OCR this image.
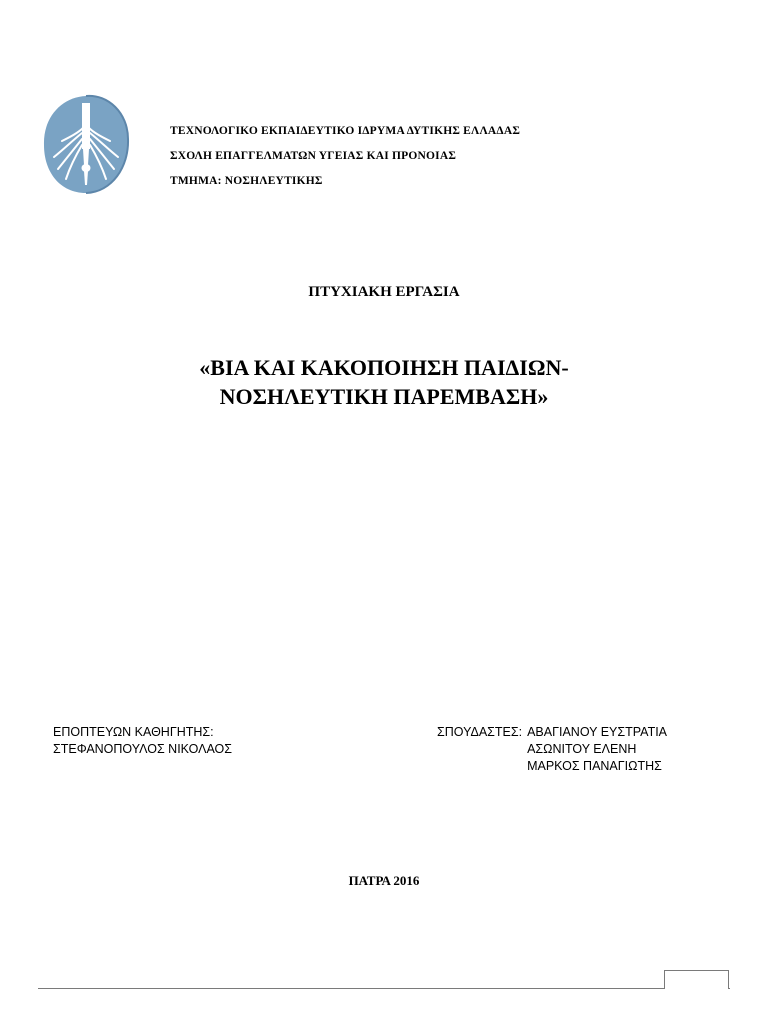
ΤΕΧΝΟΛΟΓΙΚΟ ΕΚΠΑΙΔΕΥΤΙΚΟ ΙΔΡΥΜΑ ΔΥΤΙΚΗΣ ΕΛΛΑΔΑΣ
ΣΧΟΛΗ ΕΠΑΓΓΕΛΜΑΤΩΝ ΥΓΕΙΑΣ ΚΑΙ ΠΡΟΝΟΙΑΣ
ΤΜΗΜΑ: ΝΟΣΗΛΕΥΤΙΚΗΣ
ΠΤΥΧΙΑΚΗ ΕΡΓΑΣΙΑ
«ΒΙΑ ΚΑΙ ΚΑΚΟΠΟΙΗΣΗ ΠΑΙΔΙΩΝ-
ΝΟΣΗΛΕΥΤΙΚΗ ΠΑΡΕΜΒΑΣΗ»
ΕΠΟΠΤΕΥΩΝ ΚΑΘΗΓΗΤΗΣ:
ΣΤΕΦΑΝΟΠΟΥΛΟΣ ΝΙΚΟΛΑΟΣ
ΣΠΟΥΔΑΣΤΕΣ: ΑΒΑΓΙΑΝΟΥ ΕΥΣΤΡΑΤΙΑ
ΑΣΩΝΙΤΟΥ ΕΛΕΝΗ
ΜΑΡΚΟΣ ΠΑΝΑΓΙΩΤΗΣ
ΠΑΤΡΑ 2016
